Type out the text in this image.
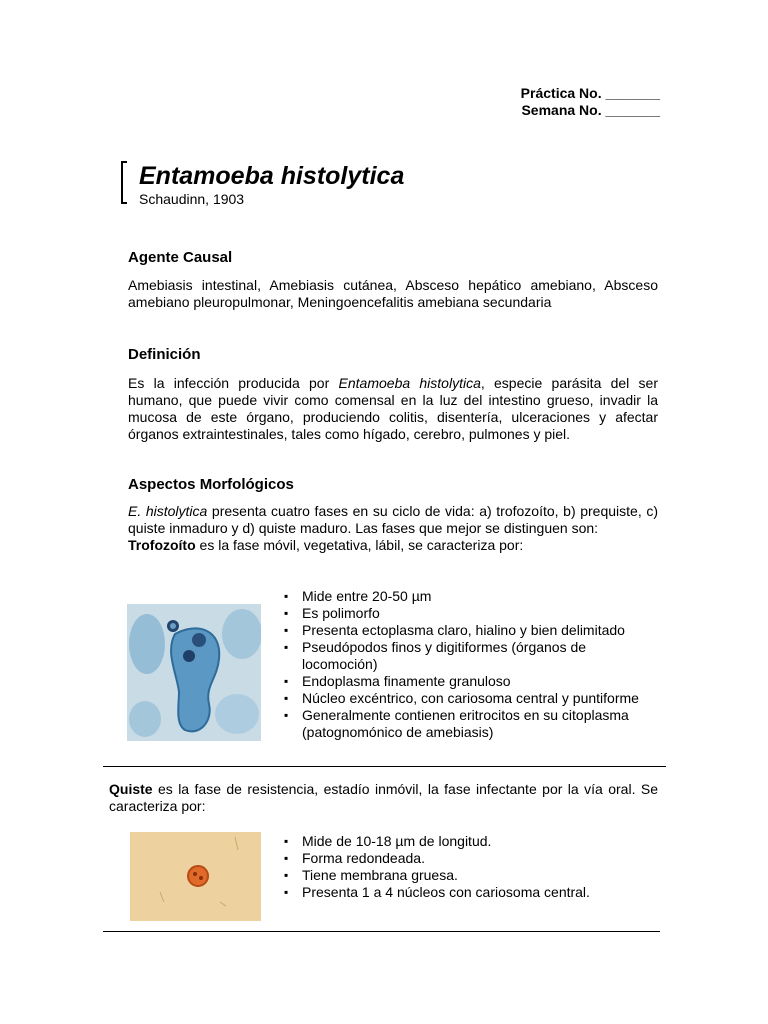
Práctica No. _______
Semana No. _______
Entamoeba histolytica
Schaudinn, 1903
Agente Causal
Amebiasis intestinal, Amebiasis cutánea, Absceso hepático amebiano, Absceso amebiano pleuropulmonar, Meningoencefalitis amebiana secundaria
Definición
Es la infección producida por Entamoeba histolytica, especie parásita del ser humano, que puede vivir como comensal en la luz del intestino grueso, invadir la mucosa de este órgano, produciendo colitis, disentería, ulceraciones y afectar órganos extraintestinales, tales como hígado, cerebro, pulmones y piel.
Aspectos Morfológicos
E. histolytica presenta cuatro fases en su ciclo de vida: a) trofozoíto, b) prequiste, c) quiste inmaduro y d) quiste maduro. Las fases que mejor se distinguen son:
Trofozoíto es la fase móvil, vegetativa, lábil, se caracteriza por:
▪ Mide entre 20-50 µm
▪ Es polimorfo
▪ Presenta ectoplasma claro, hialino y bien delimitado
▪ Pseudópodos finos y digitiformes (órganos de locomoción)
▪ Endoplasma finamente granuloso
▪ Núcleo excéntrico, con cariosoma central y puntiforme
▪ Generalmente contienen eritrocitos en su citoplasma (patognomónico de amebiasis)
Quiste es la fase de resistencia, estadío inmóvil, la fase infectante por la vía oral. Se caracteriza por:
▪ Mide de 10-18 µm de longitud.
▪ Forma redondeada.
▪ Tiene membrana gruesa.
▪ Presenta 1 a 4 núcleos con cariosoma central.
